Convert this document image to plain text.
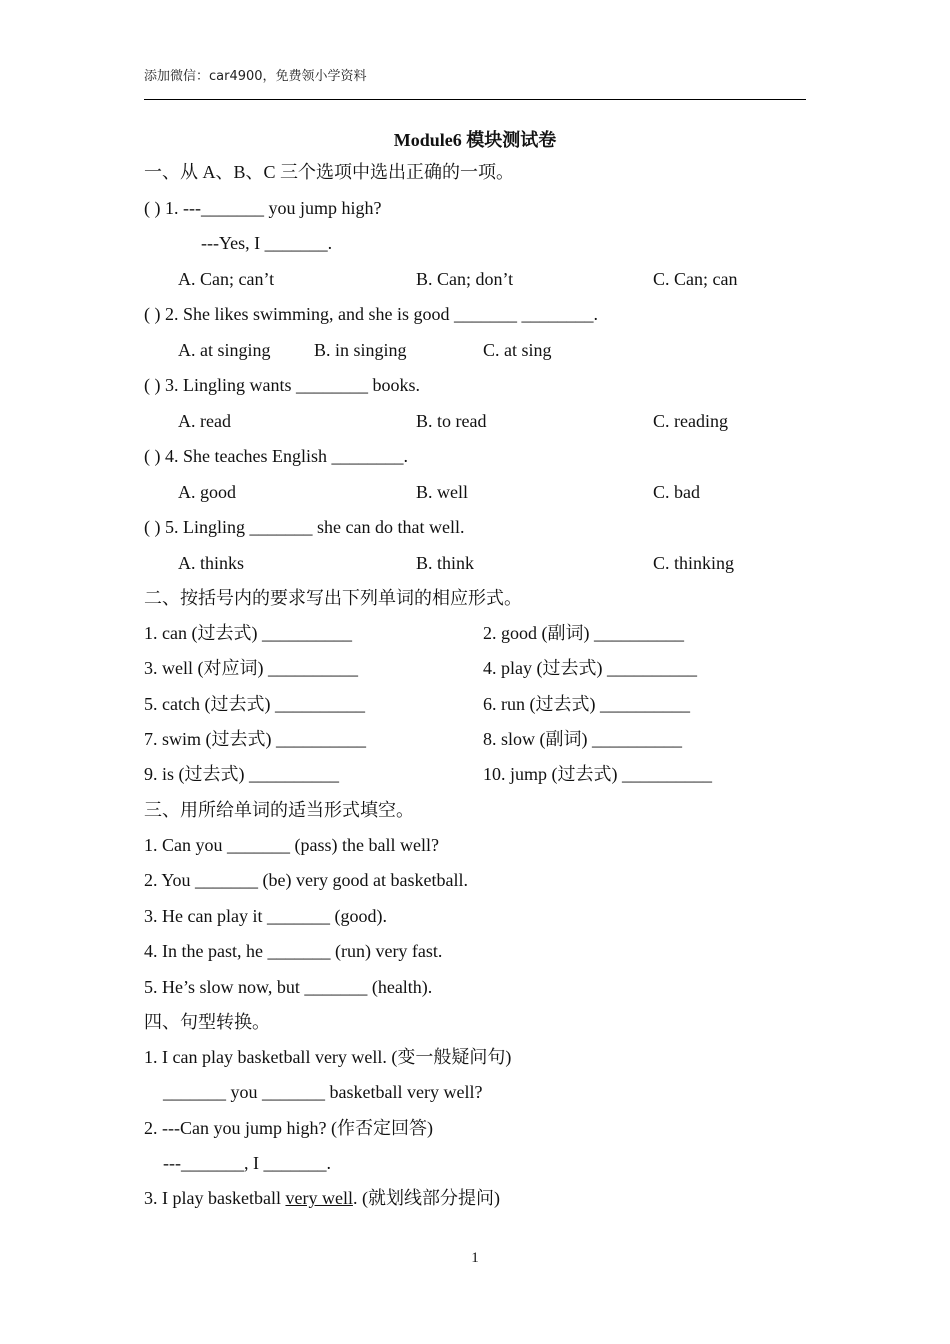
添加微信：car4900，免费领小学资料
Module6 模块测试卷
一、从 A、B、C 三个选项中选出正确的一项。
( ) 1. ---_______ you jump high?
---Yes, I _______.
A. Can; can’t	B. Can; don’t	C. Can; can
( ) 2. She likes swimming, and she is good _______ ________.
A. at singing B. in singing	C. at sing
( ) 3. Lingling wants ________ books.
A. read	B. to read	C. reading
( ) 4. She teaches English ________.
A. good	B. well	C. bad
( ) 5. Lingling _______ she can do that well.
A. thinks	B. think	C. thinking
二、按括号内的要求写出下列单词的相应形式。
1. can (过去式) __________	2. good (副词) __________
3. well (对应词) __________	4. play (过去式) __________
5. catch (过去式) __________	6. run (过去式) __________
7. swim (过去式) __________	8. slow (副词) __________
9. is (过去式) __________	10. jump (过去式) __________
三、用所给单词的适当形式填空。
1. Can you _______ (pass) the ball well?
2. You _______ (be) very good at basketball.
3. He can play it _______ (good).
4. In the past, he _______ (run) very fast.
5. He’s slow now, but _______ (health).
四、句型转换。
1. I can play basketball very well. (变一般疑问句)
_______ you _______ basketball very well?
2. ---Can you jump high? (作否定回答)
---_______, I _______.
3. I play basketball very well. (就划线部分提问)
1
